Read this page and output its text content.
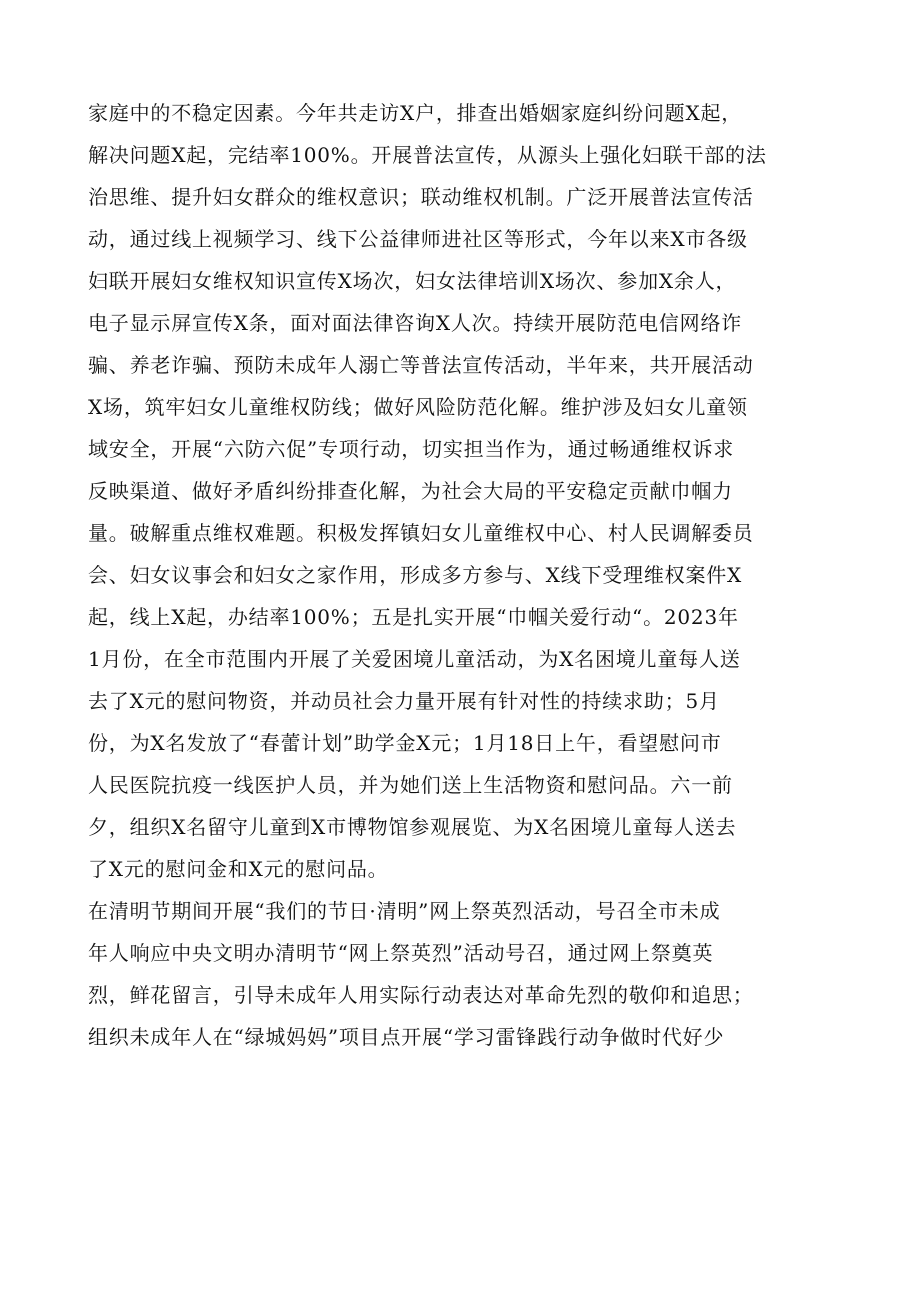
家庭中的不稳定因素。今年共走访X户，排查出婚姻家庭纠纷问题X起，
解决问题X起，完结率100%。开展普法宣传，从源头上强化妇联干部的法
治思维、提升妇女群众的维权意识；联动维权机制。广泛开展普法宣传活
动，通过线上视频学习、线下公益律师进社区等形式，今年以来X市各级
妇联开展妇女维权知识宣传X场次，妇女法律培训X场次、参加X余人，
电子显示屏宣传X条，面对面法律咨询X人次。持续开展防范电信网络诈
骗、养老诈骗、预防未成年人溺亡等普法宣传活动，半年来，共开展活动
X场，筑牢妇女儿童维权防线；做好风险防范化解。维护涉及妇女儿童领
域安全，开展“六防六促”专项行动，切实担当作为，通过畅通维权诉求
反映渠道、做好矛盾纠纷排查化解，为社会大局的平安稳定贡献巾帼力
量。破解重点维权难题。积极发挥镇妇女儿童维权中心、村人民调解委员
会、妇女议事会和妇女之家作用，形成多方参与、X线下受理维权案件X
起，线上X起，办结率100%；五是扎实开展“巾帼关爱行动“。2023年
1月份，在全市范围内开展了关爱困境儿童活动，为X名困境儿童每人送
去了X元的慰问物资，并动员社会力量开展有针对性的持续求助；5月
份，为X名发放了“春蕾计划”助学金X元；1月18日上午，看望慰问市
人民医院抗疫一线医护人员，并为她们送上生活物资和慰问品。六一前
夕，组织X名留守儿童到X市博物馆参观展览、为X名困境儿童每人送去
了X元的慰问金和X元的慰问品。
在清明节期间开展“我们的节日·清明”网上祭英烈活动，号召全市未成
年人响应中央文明办清明节“网上祭英烈”活动号召，通过网上祭奠英
烈，鲜花留言，引导未成年人用实际行动表达对革命先烈的敬仰和追思；
组织未成年人在“绿城妈妈”项目点开展“学习雷锋践行动争做时代好少
